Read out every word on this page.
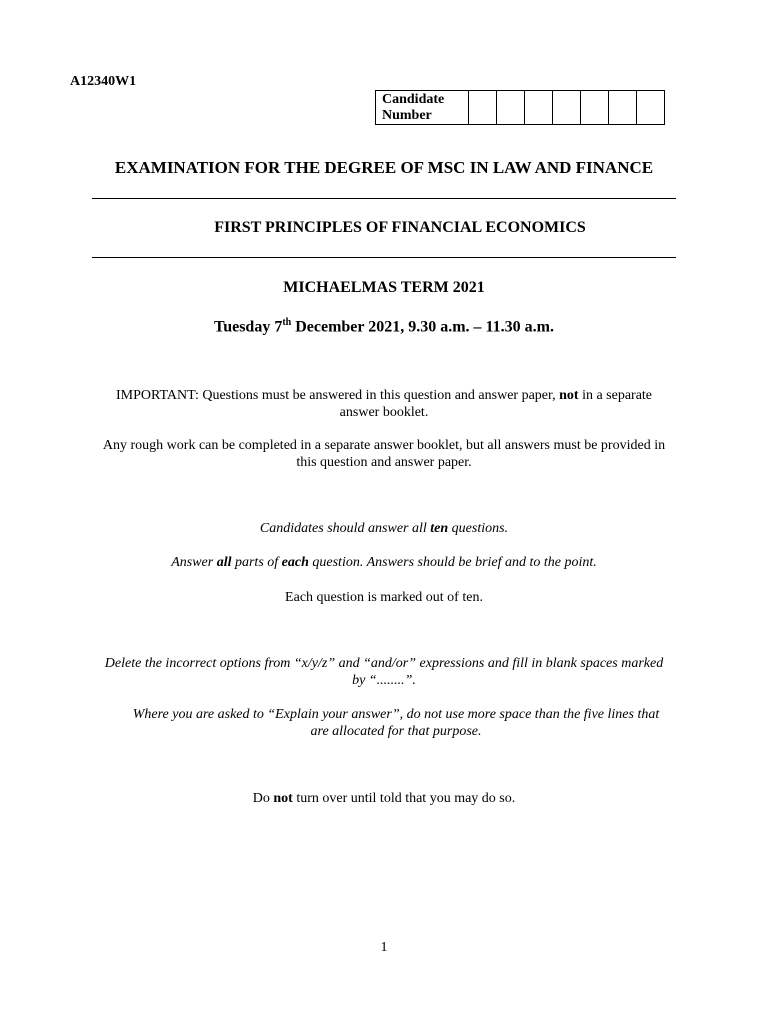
A12340W1
Candidate
Number							
EXAMINATION FOR THE DEGREE OF MSC IN LAW AND FINANCE
FIRST PRINCIPLES OF FINANCIAL ECONOMICS
MICHAELMAS TERM 2021
Tuesday 7th December 2021, 9.30 a.m. – 11.30 a.m.
IMPORTANT: Questions must be answered in this question and answer paper, not in a separate answer booklet.
Any rough work can be completed in a separate answer booklet, but all answers must be provided in this question and answer paper.
Candidates should answer all ten questions.
Answer all parts of each question. Answers should be brief and to the point.
Each question is marked out of ten.
Delete the incorrect options from “x/y/z” and “and/or” expressions and fill in blank spaces marked by “........”.
Where you are asked to “Explain your answer”, do not use more space than the five lines that are allocated for that purpose.
Do not turn over until told that you may do so.
1
